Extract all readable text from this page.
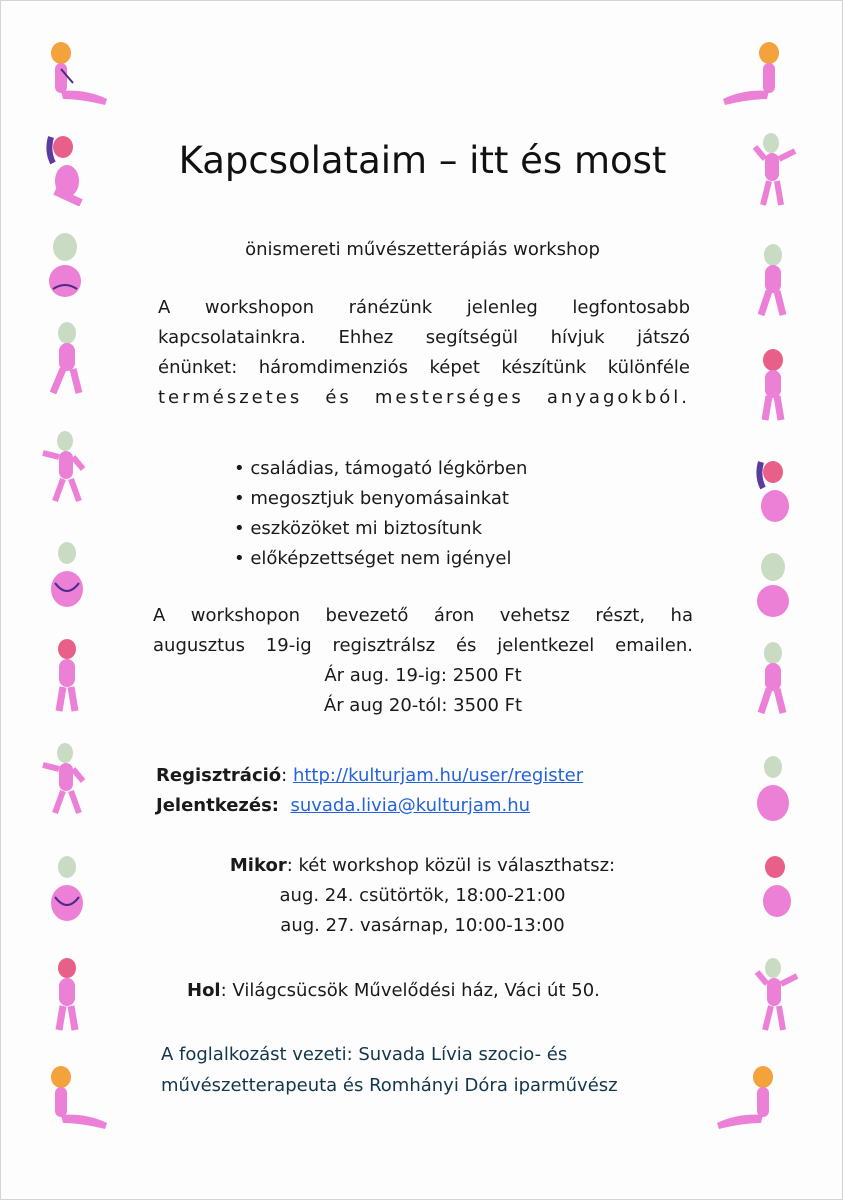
Kapcsolataim – itt és most
önismereti művészetterápiás workshop

A workshopon ránézünk jelenleg legfontosabb

kapcsolatainkra. Ehhez segítségül hívjuk játszó

énünket: háromdimenziós képet készítünk különféle

természetes és mesterséges anyagokból.

• családias, támogató légkörben
• megosztjuk benyomásainkat
• eszközöket mi biztosítunk
• előképzettséget nem igényel

A workshopon bevezető áron vehetsz részt, ha

augusztus 19-ig regisztrálsz és jelentkezel emailen.

Ár aug. 19-ig: 2500 Ft

Ár aug 20-tól: 3500 Ft

Regisztráció: http://kulturjam.hu/user/register

Jelentkezés: suvada.livia@kulturjam.hu

Mikor: két workshop közül is választhatsz:

aug. 24. csütörtök, 18:00-21:00

aug. 27. vasárnap, 10:00-13:00

Hol: Világcsücsök Művelődési ház, Váci út 50.

A foglalkozást vezeti: Suvada Lívia szocio- és

művészetterapeuta és Romhányi Dóra iparművész
